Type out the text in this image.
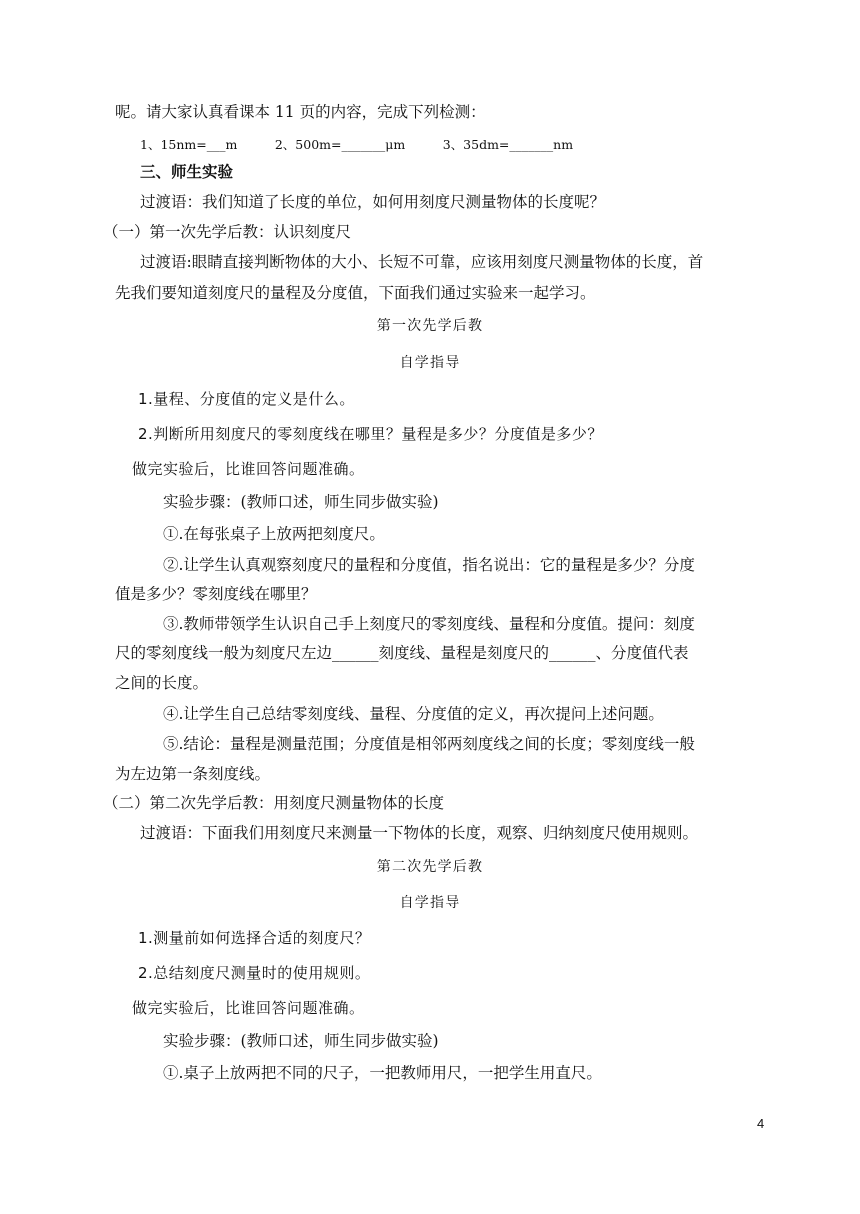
呢。请大家认真看课本 11 页的内容，完成下列检测：
1、15nm=___m　　　2、500m=_______μm　　　3、35dm=_______nm
三、师生实验
过渡语：我们知道了长度的单位，如何用刻度尺测量物体的长度呢？
（一）第一次先学后教：认识刻度尺
过渡语:眼睛直接判断物体的大小、长短不可靠，应该用刻度尺测量物体的长度，首
先我们要知道刻度尺的量程及分度值，下面我们通过实验来一起学习。
第一次先学后教
自学指导
1.量程、分度值的定义是什么。
2.判断所用刻度尺的零刻度线在哪里？量程是多少？分度值是多少？
做完实验后，比谁回答问题准确。
实验步骤：(教师口述，师生同步做实验)
①.在每张桌子上放两把刻度尺。
②.让学生认真观察刻度尺的量程和分度值，指名说出：它的量程是多少？分度
值是多少？零刻度线在哪里？
③.教师带领学生认识自己手上刻度尺的零刻度线、量程和分度值。提问：刻度
尺的零刻度线一般为刻度尺左边______刻度线、量程是刻度尺的______、分度值代表
之间的长度。
④.让学生自己总结零刻度线、量程、分度值的定义，再次提问上述问题。
⑤.结论：量程是测量范围；分度值是相邻两刻度线之间的长度；零刻度线一般
为左边第一条刻度线。
（二）第二次先学后教：用刻度尺测量物体的长度
过渡语：下面我们用刻度尺来测量一下物体的长度，观察、归纳刻度尺使用规则。
第二次先学后教
自学指导
1.测量前如何选择合适的刻度尺？
2.总结刻度尺测量时的使用规则。
做完实验后，比谁回答问题准确。
实验步骤：(教师口述，师生同步做实验)
①.桌子上放两把不同的尺子，一把教师用尺，一把学生用直尺。
4
